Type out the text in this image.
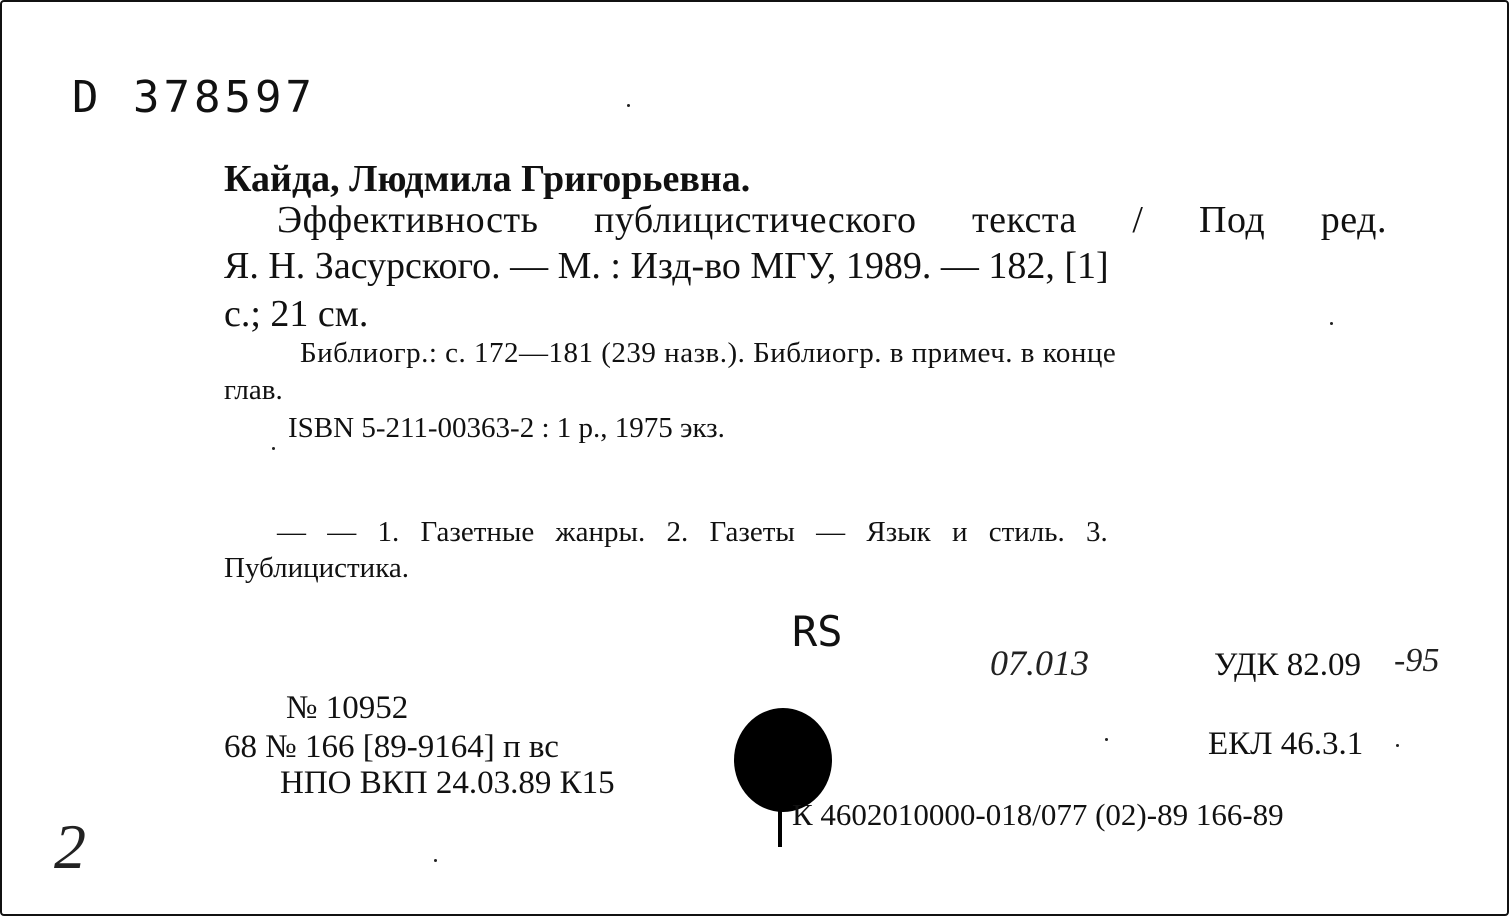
D 378597
Кайда, Людмила Григорьевна.
Эффективность публицистического текста / Под ред.
Я. Н. Засурского. — М. : Изд-во МГУ, 1989. — 182, [1]
с.; 21 см.
Библиогр.: с. 172—181 (239 назв.). Библиогр. в примеч. в конце
глав.
ISBN 5-211-00363-2 : 1 р., 1975 экз.
— — 1. Газетные жанры. 2. Газеты — Язык и стиль. 3.
Публицистика.
RS
07.013	УДК 82.09 -95
№ 10952
68 № 166 [89-9164] п вс	ЕКЛ 46.3.1
НПО ВКП 24.03.89 К15
К 4602010000-018/077 (02)-89 166-89
2
